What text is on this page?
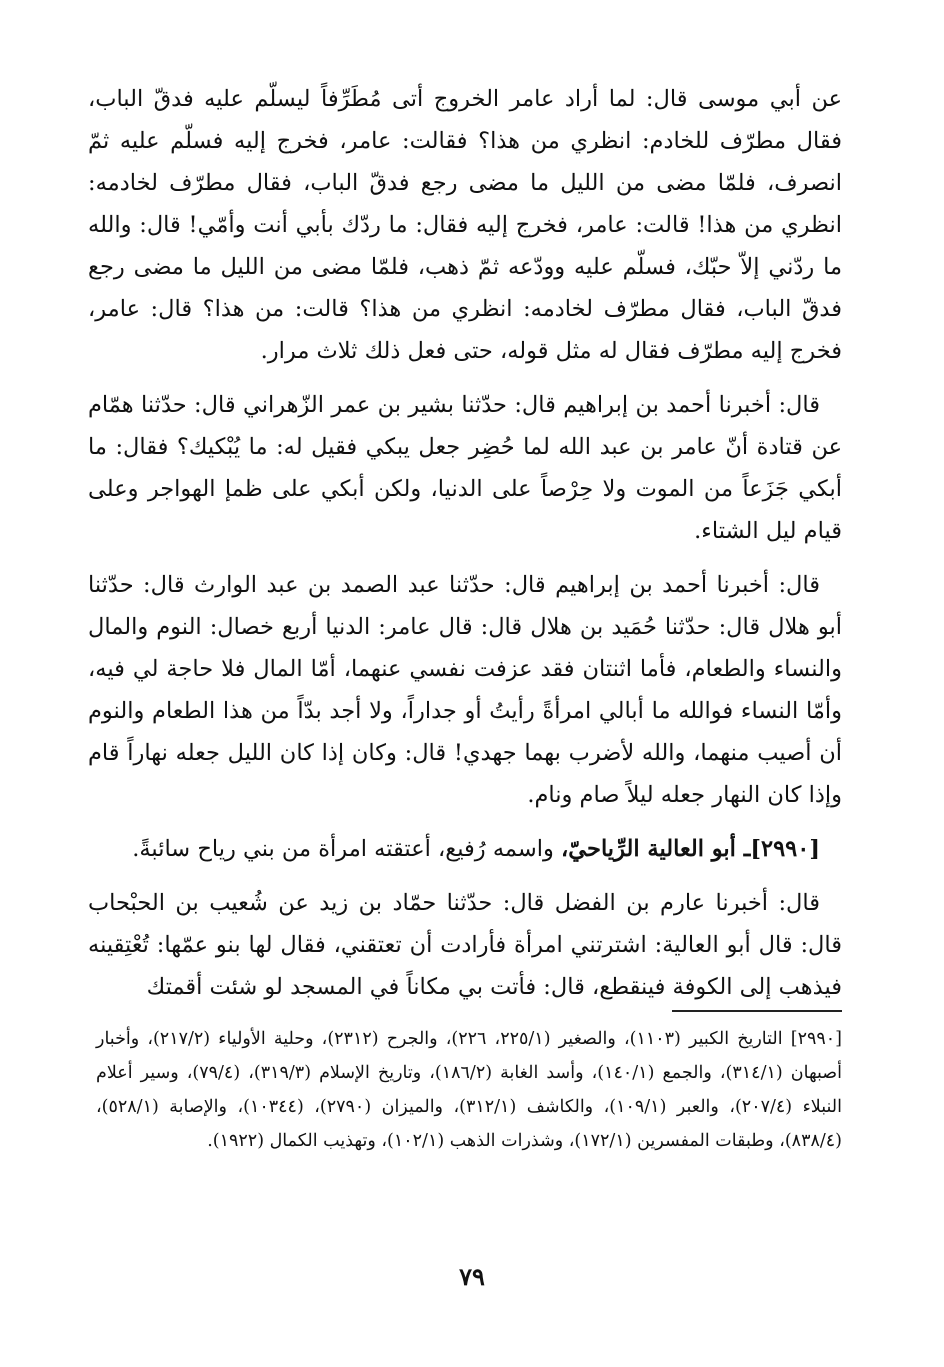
عن أبي موسى قال: لما أراد عامر الخروج أتى مُطَرِّفاً ليسلّم عليه فدقّ الباب، فقال مطرّف للخادم: انظري من هذا؟ فقالت: عامر، فخرج إليه فسلّم عليه ثمّ انصرف، فلمّا مضى من الليل ما مضى رجع فدقّ الباب، فقال مطرّف لخادمه: انظري من هذا! قالت: عامر، فخرج إليه فقال: ما ردّك بأبي أنت وأمّي! قال: والله ما ردّني إلاّ حبّك، فسلّم عليه وودّعه ثمّ ذهب، فلمّا مضى من الليل ما مضى رجع فدقّ الباب، فقال مطرّف لخادمه: انظري من هذا؟ قالت: من هذا؟ قال: عامر، فخرج إليه مطرّف فقال له مثل قوله، حتى فعل ذلك ثلاث مرار.

قال: أخبرنا أحمد بن إبراهيم قال: حدّثنا بشير بن عمر الزّهراني قال: حدّثنا همّام عن قتادة أنّ عامر بن عبد الله لما حُضِر جعل يبكي فقيل له: ما يُبْكيك؟ فقال: ما أبكي جَزَعاً من الموت ولا حِرْصاً على الدنيا، ولكن أبكي على ظمإ الهواجر وعلى قيام ليل الشتاء.

قال: أخبرنا أحمد بن إبراهيم قال: حدّثنا عبد الصمد بن عبد الوارث قال: حدّثنا أبو هلال قال: حدّثنا حُمَيد بن هلال قال: قال عامر: الدنيا أربع خصال: النوم والمال والنساء والطعام، فأما اثنتان فقد عزفت نفسي عنهما، أمّا المال فلا حاجة لي فيه، وأمّا النساء فوالله ما أبالي امرأةً رأيتُ أو جداراً، ولا أجد بدّاً من هذا الطعام والنوم أن أصيب منهما، والله لأضرب بهما جهدي! قال: وكان إذا كان الليل جعله نهاراً قام وإذا كان النهار جعله ليلاً صام ونام.

[٢٩٩٠]ـ أبو العالية الرِّياحيّ، واسمه رُفيع، أعتقته امرأة من بني رياح سائبةً.

قال: أخبرنا عارم بن الفضل قال: حدّثنا حمّاد بن زيد عن شُعيب بن الحبْحاب قال: قال أبو العالية: اشترتني امرأة فأرادت أن تعتقني، فقال لها بنو عمّها: تُعْتِقينه فيذهب إلى الكوفة فينقطع، قال: فأتت بي مكاناً في المسجد لو شئت أقمتك

[٢٩٩٠] التاريخ الكبير (١١٠٣)، والصغير (٢٢٥/١، ٢٢٦)، والجرح (٢٣١٢)، وحلية الأولياء (٢١٧/٢)، وأخبار أصبهان (٣١٤/١)، والجمع (١٤٠/١)، وأسد الغابة (١٨٦/٢)، وتاريخ الإسلام (٣١٩/٣)، (٧٩/٤)، وسير أعلام النبلاء (٢٠٧/٤)، والعبر (١٠٩/١)، والكاشف (٣١٢/١)، والميزان (٢٧٩٠)، (١٠٣٤٤)، والإصابة (٥٢٨/١)، (٨٣٨/٤)، وطبقات المفسرين (١٧٢/١)، وشذرات الذهب (١٠٢/١)، وتهذيب الكمال (١٩٢٢).

٧٩
